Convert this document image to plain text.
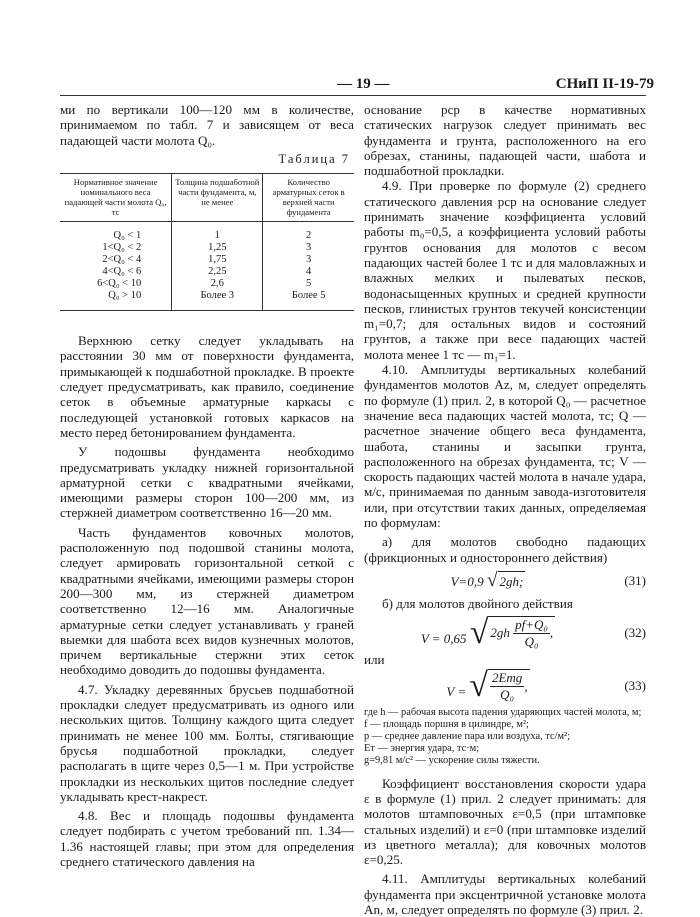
— 19 —	СНиП II-19-79

ми по вертикали 100—120 мм в количестве, принимаемом по табл. 7 и зависящем от веса падающей части молота Q₀.

Таблица 7
Нормативное значение номинального веса падающей части молота Q₀, тс	Толщина подшаботной части фундамента, м, не менее	Количество арматурных сеток в верхней части фундамента
Q₀ < 1	1	2
1<Q₀ < 2	1,25	3
2<Q₀ < 4	1,75	3
4<Q₀ < 6	2,25	4
6<Q₀ < 10	2,6	5
Q₀ > 10	Более 3	Более 5

Верхнюю сетку следует укладывать на расстоянии 30 мм от поверхности фундамента, примыкающей к подшаботной прокладке. В проекте следует предусматривать, как правило, соединение сеток в объемные арматурные каркасы с последующей установкой готовых каркасов на место перед бетонированием фундамента.

У подошвы фундамента необходимо предусматривать укладку нижней горизонтальной арматурной сетки с квадратными ячейками, имеющими размеры сторон 100—200 мм, из стержней диаметром соответственно 16—20 мм.

Часть фундаментов ковочных молотов, расположенную под подошвой станины молота, следует армировать горизонтальной сеткой с квадратными ячейками, имеющими размеры сторон 200—300 мм, из стержней диаметром соответственно 12—16 мм. Аналогичные арматурные сетки следует устанавливать у граней выемки для шабота всех видов кузнечных молотов, причем вертикальные стержни этих сеток необходимо доводить до подошвы фундамента.

4.7. Укладку деревянных брусьев подшаботной прокладки следует предусматривать из одного или нескольких щитов. Толщину каждого щита следует принимать не менее 100 мм. Болты, стягивающие брусья подшаботной прокладки, следует располагать в щите через 0,5—1 м. При устройстве прокладки из нескольких щитов последние следует укладывать крест-накрест.

4.8. Вес и площадь подошвы фундамента следует подбирать с учетом требований пп. 1.34—1.36 настоящей главы; при этом для определения среднего статического давления на

основание pср в качестве нормативных статических нагрузок следует принимать вес фундамента и грунта, расположенного на его обрезах, станины, падающей части, шабота и подшаботной прокладки.

4.9. При проверке по формуле (2) среднего статического давления pср на основание следует принимать значение коэффициента условий работы m₀=0,5, а коэффициента условий работы грунтов основания для молотов с весом падающих частей более 1 тс и для маловлажных и влажных мелких и пылеватых песков, водонасыщенных крупных и средней крупности песков, глинистых грунтов текучей консистенции m₁=0,7; для остальных видов и состояний грунтов, а также при весе падающих частей молота менее 1 тс — m₁=1.

4.10. Амплитуды вертикальных колебаний фундаментов молотов Az, м, следует определять по формуле (1) прил. 2, в которой Q₀ — расчетное значение веса падающих частей молота, тс; Q — расчетное значение общего веса фундамента, шабота, станины и засыпки грунта, расположенного на обрезах фундамента, тс; V — скорость падающих частей молота в начале удара, м/с, принимаемая по данным завода-изготовителя или, при отсутствии таких данных, определяемая по формулам:

а) для молотов свободно падающих (фрикционных и одностороннего действия)

V=0,9 √ 2gh;	(31)

б) для молотов двойного действия

V = 0,65 √ 2gh
$\frac{\text{pf+Q₀}}{\text{Q₀}}$ ,	(32)

или

V = √ $\frac{\text{2Eтg}}{\text{Q₀}}$ ,	(33)
где h — рабочая высота падения ударяющих частей молота, м;
f — площадь поршня в цилиндре, м²;
p — среднее давление пара или воздуха, тс/м²;
Eт — энергия удара, тс·м;
g=9,81 м/с² — ускорение силы тяжести.

Коэффициент восстановления скорости удара ε в формуле (1) прил. 2 следует принимать: для молотов штамповочных ε=0,5 (при штамповке стальных изделий) и ε=0 (при штамповке изделий из цветного металла); для ковочных молотов ε=0,25.

4.11. Амплитуды вертикальных колебаний фундамента при эксцентричной установке молота An, м, следует определять по формуле (3) прил. 2.
